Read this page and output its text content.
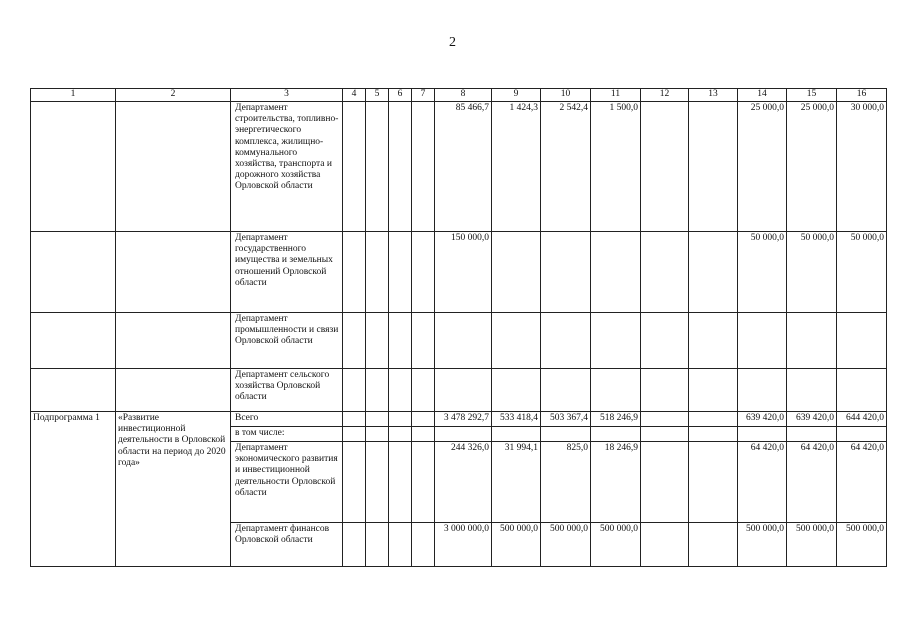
2
1	2	3	4	5	6	7	8	9	10	11	12	13	14	15	16
		Департамент строительства, топливно-энергетического комплекса, жилищно-коммунального хозяйства, транспорта и дорожного хозяйства Орловской области					85 466,7	1 424,3	2 542,4	1 500,0			25 000,0	25 000,0	30 000,0
		Департамент государственного имущества и земельных отношений Орловской области					150 000,0						50 000,0	50 000,0	50 000,0
		Департамент промышленности и связи Орловской области													
		Департамент сельского хозяйства Орловской области													
Подпрограмма 1	«Развитие инвестиционной деятельности в Орловской области на период до 2020 года»	Всего					3 478 292,7	533 418,4	503 367,4	518 246,9			639 420,0	639 420,0	644 420,0
		в том числе:													
		Департамент экономического развития и инвестиционной деятельности Орловской области					244 326,0	31 994,1	825,0	18 246,9			64 420,0	64 420,0	64 420,0
		Департамент финансов Орловской области					3 000 000,0	500 000,0	500 000,0	500 000,0			500 000,0	500 000,0	500 000,0
